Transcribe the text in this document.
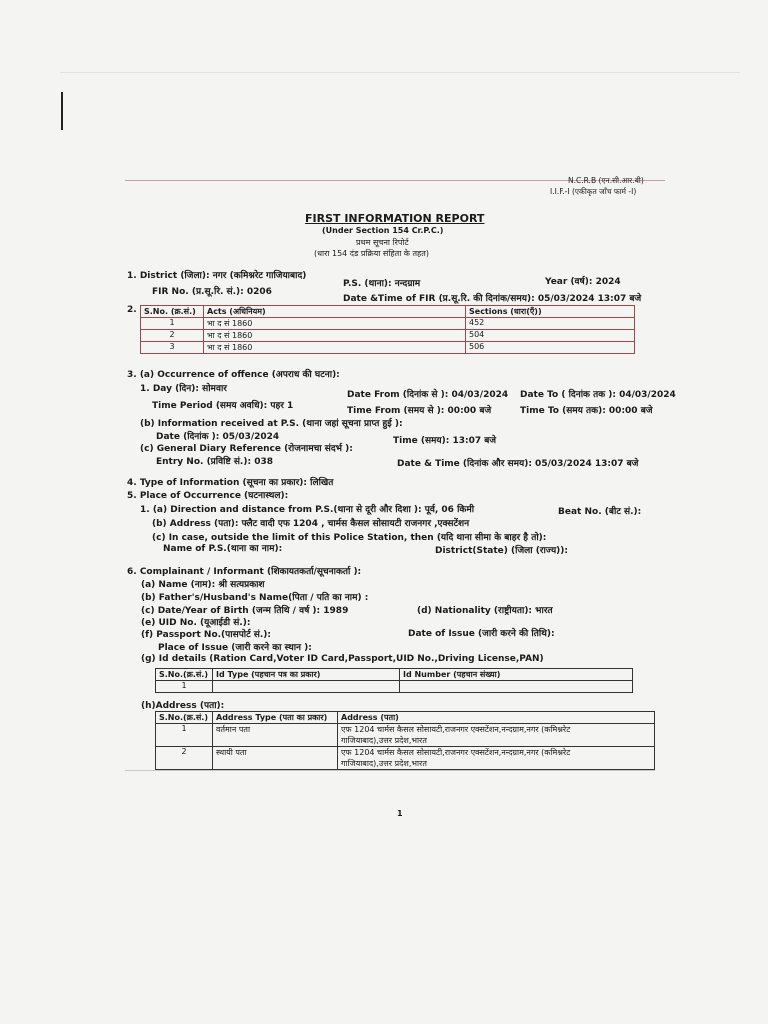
N.C.R.B (एन.सी.आर.बी)
I.I.F.-I (एकीकृत जाँच फार्म -I)
FIRST INFORMATION REPORT
(Under Section 154 Cr.P.C.)
प्रथम सूचना रिपोर्ट
(धारा 154 दंड प्रक्रिया संहिता के तहत)
1. District (जिला): नगर (कमिश्नरेट गाजियाबाद)
P.S. (थाना): नन्दग्राम	Year (वर्ष): 2024
FIR No. (प्र.सू.रि. सं.): 0206
Date &Time of FIR (प्र.सू.रि. की दिनांक/समय): 05/03/2024 13:07 बजे
2. S.No. (क्र.सं.)	Acts (अधिनियम)	Sections (धारा(एँ))
1	भा द सं 1860	452
2	भा द सं 1860	504
3	भा द सं 1860	506
3. (a) Occurrence of offence (अपराध की घटना):
1. Day (दिन): सोमवार
Date From (दिनांक से ): 04/03/2024 Date To ( दिनांक तक ): 04/03/2024
Time Period (समय अवधि): पहर 1	Time From (समय से ): 00:00 बजे	Time To (समय तक): 00:00 बजे
(b) Information received at P.S. (थाना जहां सूचना प्राप्त हुई ):
Date (दिनांक ): 05/03/2024	Time (समय): 13:07 बजे
(c) General Diary Reference (रोजनामचा संदर्भ ):
Entry No. (प्रविष्टि सं.): 038	Date & Time (दिनांक और समय): 05/03/2024 13:07 बजे
4. Type of Information (सूचना का प्रकार): लिखित
5. Place of Occurrence (घटनास्थल):
1. (a) Direction and distance from P.S.(थाना से दूरी और दिशा ): पूर्व, 06 किमी	Beat No. (बीट सं.):
(b) Address (पता): फ्लैट वादी एफ 1204 , चार्मस कैसल सोसायटी राजनगर ,एक्सटेंशन
(c) In case, outside the limit of this Police Station, then (यदि थाना सीमा के बाहर है तो):
Name of P.S.(थाना का नाम):	District(State) (जिला (राज्य)):
6. Complainant / Informant (शिकायतकर्ता/सूचनाकर्ता ):
(a) Name (नाम): श्री सत्यप्रकाश
(b) Father's/Husband's Name(पिता / पति का नाम) :
(c) Date/Year of Birth (जन्म तिथि / वर्ष ): 1989	(d) Nationality (राष्ट्रीयता): भारत
(e) UID No. (यूआईडी सं.):
(f) Passport No.(पासपोर्ट सं.):	Date of Issue (जारी करने की तिथि):
Place of Issue (जारी करने का स्थान ):
(g) Id details (Ration Card,Voter ID Card,Passport,UID No.,Driving License,PAN)
S.No.(क्र.सं.)	Id Type (पहचान पत्र का प्रकार)	Id Number (पहचान संख्या)
1		
(h)Address (पता):
S.No.(क्र.सं.)	Address Type (पता का प्रकार)	Address (पता)
1	वर्तमान पता	एफ 1204 चार्मस कैसल सोसायटी,राजनगर एक्सटेंशन,नन्दग्राम,नगर (कमिश्नरेट
गाजियाबाद),उत्तर प्रदेश,भारत

2	स्थायी पता	एफ 1204 चार्मस कैसल सोसायटी,राजनगर एक्सटेंशन,नन्दग्राम,नगर (कमिश्नरेट
गाजियाबाद),उत्तर प्रदेश,भारत
1
